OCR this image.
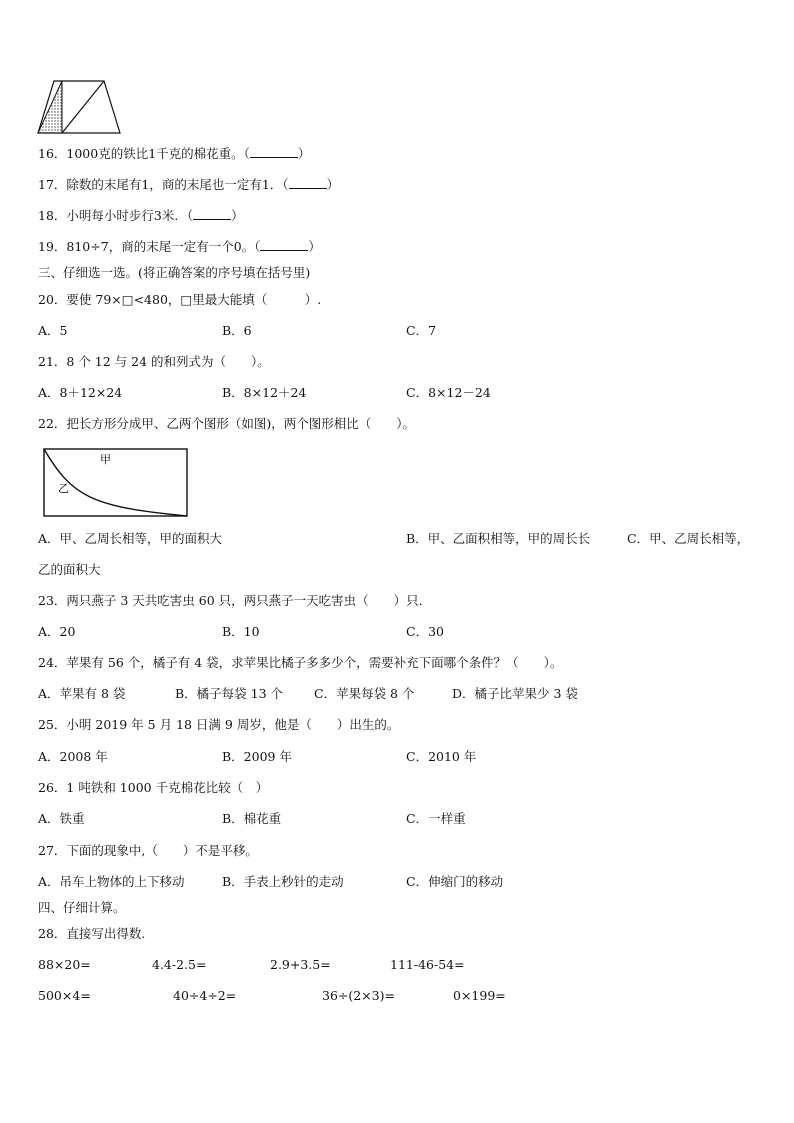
16．1000克的铁比1千克的棉花重。（	）
17．除数的末尾有1，商的末尾也一定有1．（	）
18．小明每小时步行3米．（	）
19．810÷7，商的末尾一定有一个0。（	）
三、仔细选一选。(将正确答案的序号填在括号里)
20．要使 79×□<480，□里最大能填（　　　）.
A．5	B．6	C．7
21．8 个 12 与 24 的和列式为（　　）。
A．8＋12×24	B．8×12＋24	C．8×12－24
22．把长方形分成甲、乙两个图形（如图)，两个图形相比（　　）。
甲
乙
A．甲、乙周长相等，甲的面积大	B．甲、乙面积相等，甲的周长长	C．甲、乙周长相等，
乙的面积大
23．两只燕子 3 天共吃害虫 60 只，两只燕子一天吃害虫（　　）只．
A．20	B．10	C．30
24．苹果有 56 个，橘子有 4 袋，求苹果比橘子多多少个，需要补充下面哪个条件？（　　）。
A．苹果有 8 袋	B．橘子每袋 13 个 C．苹果每袋 8 个	D．橘子比苹果少 3 袋
25．小明 2019 年 5 月 18 日满 9 周岁，他是（　　）出生的。
A．2008 年	B．2009 年	C．2010 年
26．1 吨铁和 1000 千克棉花比较（　）
A．铁重	B．棉花重	C．一样重
27．下面的现象中,（　　）不是平移。
A．吊车上物体的上下移动	B．手表上秒针的走动	C．伸缩门的移动
四、仔细计算。
28．直接写出得数.
88×20=	4.4-2.5=	2.9+3.5=	111-46-54=
500×4=	40÷4÷2=	36÷(2×3)=	0×199=
